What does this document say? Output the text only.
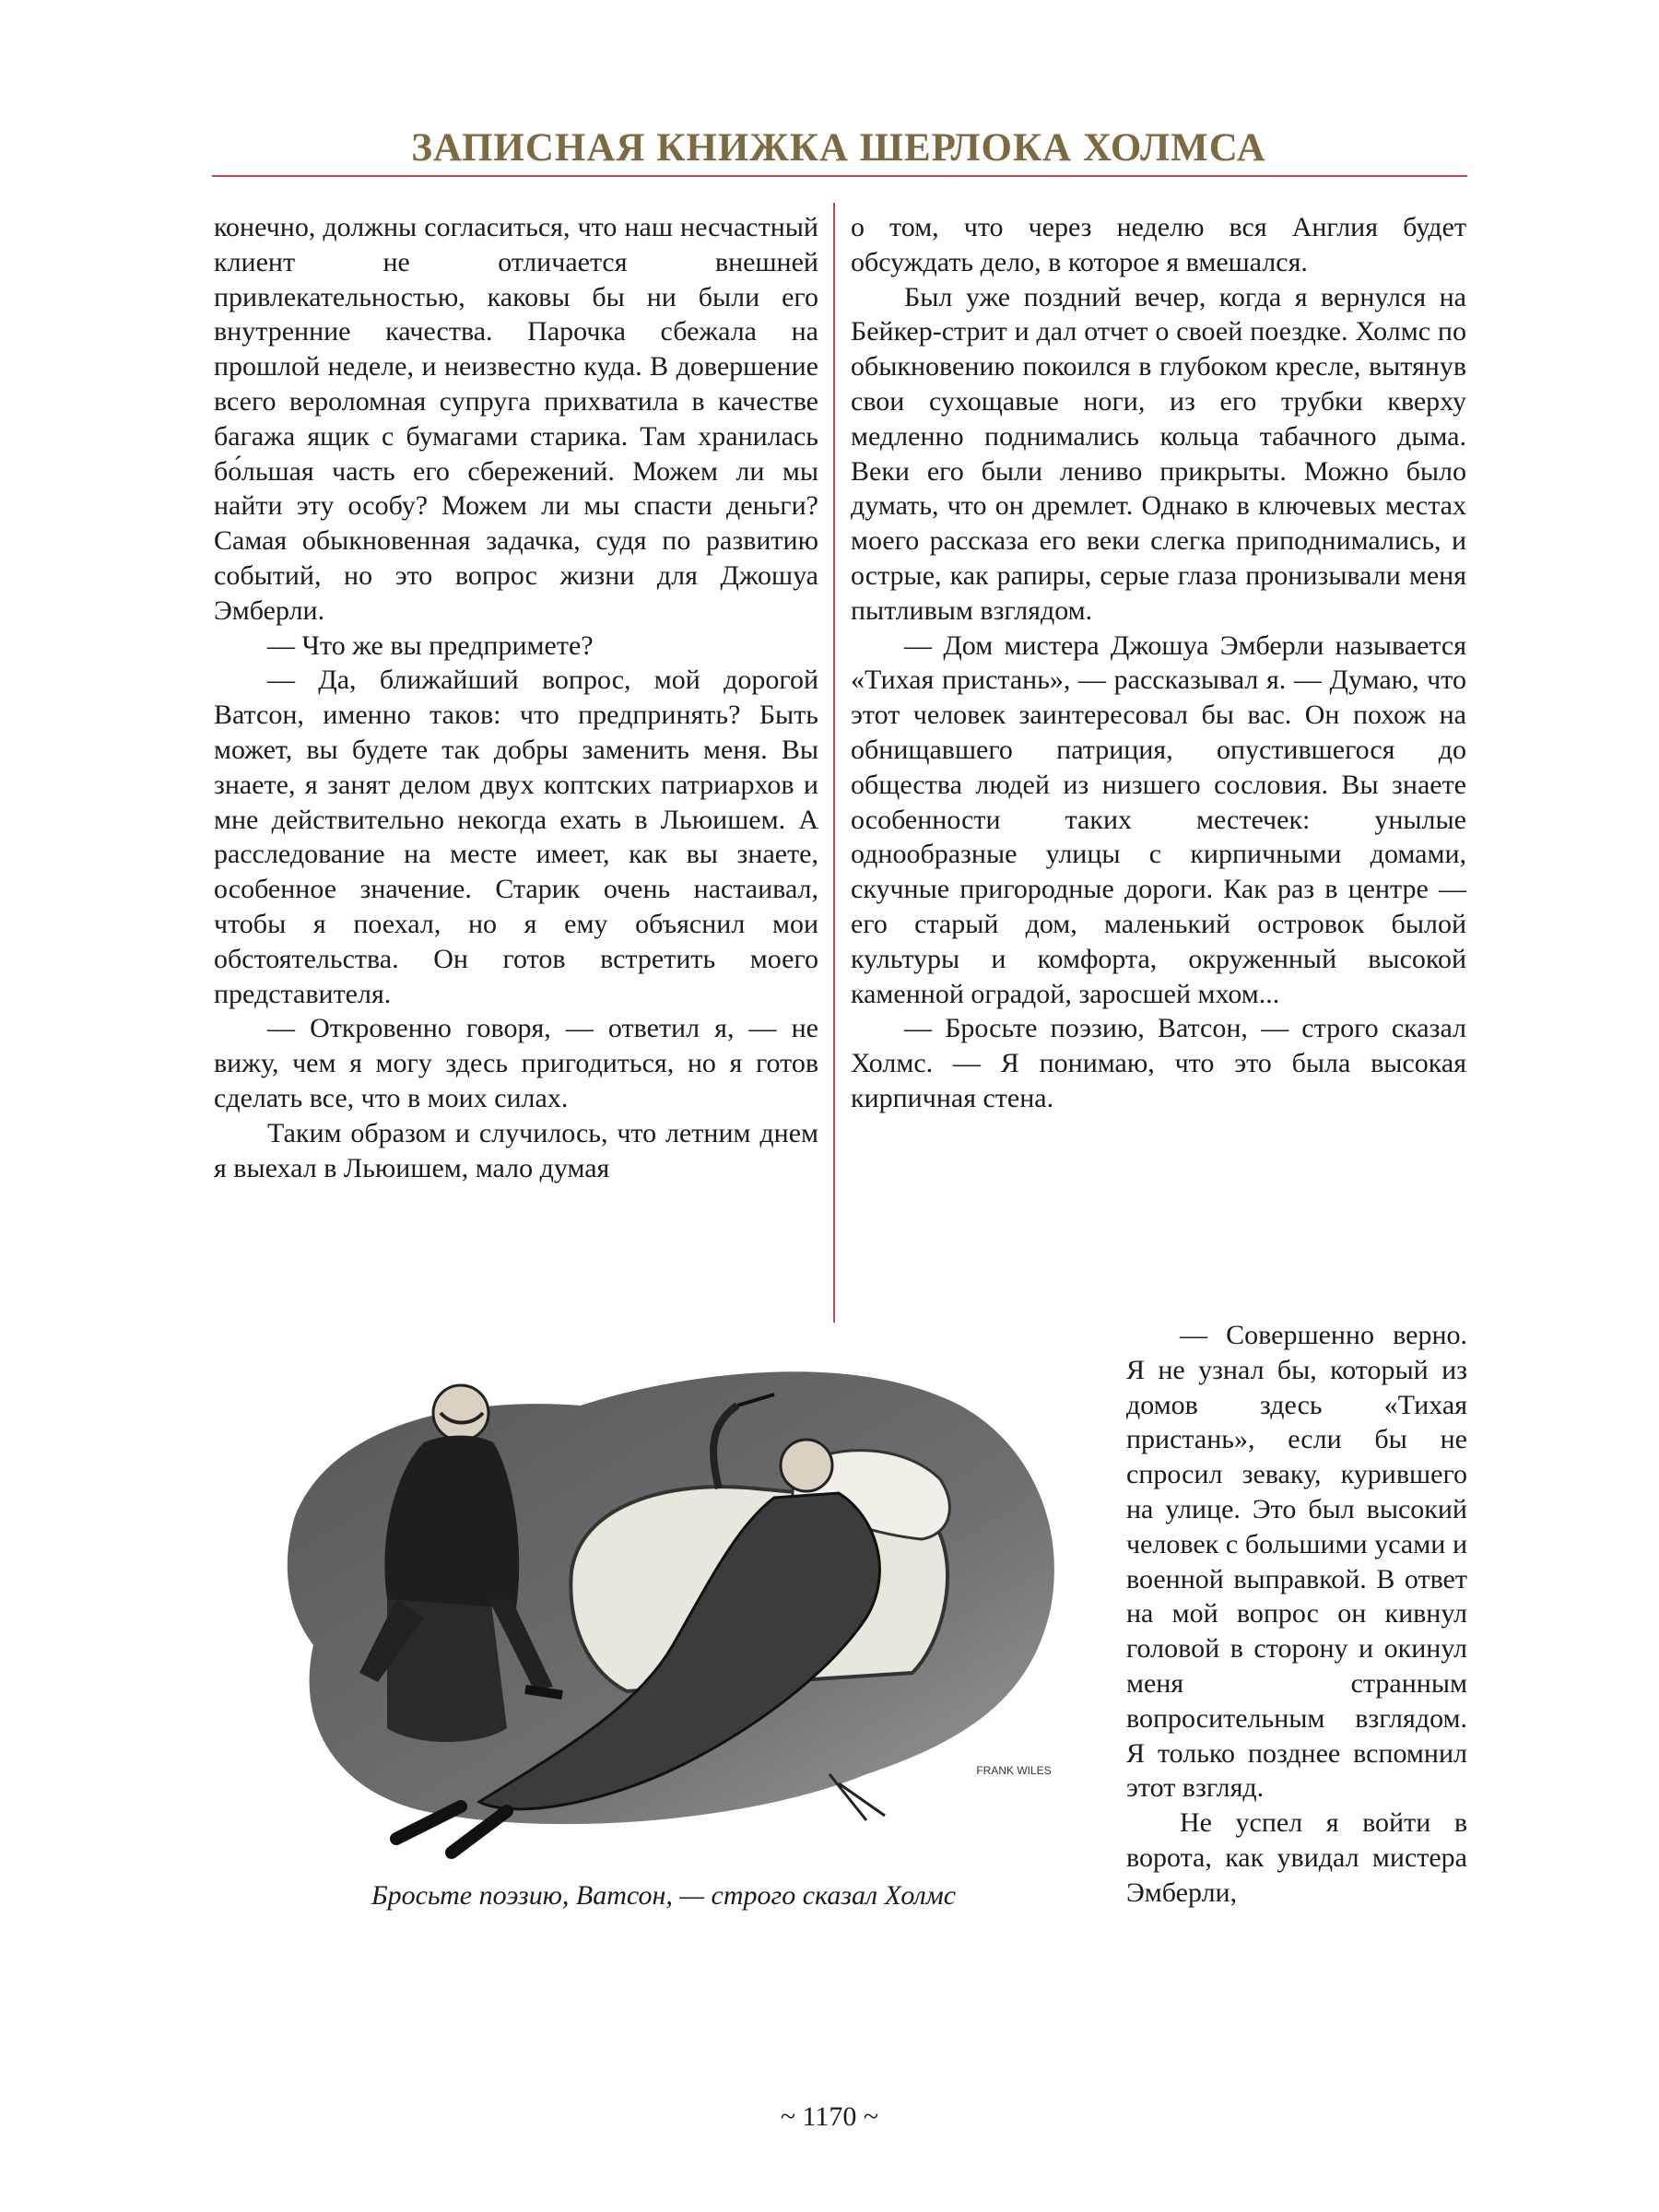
ЗАПИСНАЯ КНИЖКА ШЕРЛОКА ХОЛМСА

конечно, должны согласиться, что наш несчастный клиент не отличается внешней привлекательностью, каковы бы ни были его внутренние качества. Парочка сбежала на прошлой неделе, и неизвестно куда. В довершение всего вероломная супруга прихватила в качестве багажа ящик с бумагами старика. Там хранилась бо́льшая часть его сбережений. Можем ли мы найти эту особу? Можем ли мы спасти деньги? Самая обыкновенная задачка, судя по развитию событий, но это вопрос жизни для Джошуа Эмберли.

— Что же вы предпримете?

— Да, ближайший вопрос, мой дорогой Ватсон, именно таков: что предпринять? Быть может, вы будете так добры заменить меня. Вы знаете, я занят делом двух коптских патриархов и мне действительно некогда ехать в Льюишем. А расследование на месте имеет, как вы знаете, особенное значение. Старик очень настаивал, чтобы я поехал, но я ему объяснил мои обстоятельства. Он готов встретить моего представителя.

— Откровенно говоря, — ответил я, — не вижу, чем я могу здесь пригодиться, но я готов сделать все, что в моих силах.

Таким образом и случилось, что летним днем я выехал в Льюишем, мало думая

о том, что через неделю вся Англия будет обсуждать дело, в которое я вмешался.

Был уже поздний вечер, когда я вернулся на Бейкер-стрит и дал отчет о своей поездке. Холмс по обыкновению покоился в глубоком кресле, вытянув свои сухощавые ноги, из его трубки кверху медленно поднимались кольца табачного дыма. Веки его были лениво прикрыты. Можно было думать, что он дремлет. Однако в ключевых местах моего рассказа его веки слегка приподнимались, и острые, как рапиры, серые глаза пронизывали меня пытливым взглядом.

— Дом мистера Джошуа Эмберли называется «Тихая пристань», — рассказывал я. — Думаю, что этот человек заинтересовал бы вас. Он похож на обнищавшего патриция, опустившегося до общества людей из низшего сословия. Вы знаете особенности таких местечек: унылые однообразные улицы с кирпичными домами, скучные пригородные дороги. Как раз в центре — его старый дом, маленький островок былой культуры и комфорта, окруженный высокой каменной оградой, заросшей мхом...

— Бросьте поэзию, Ватсон, — строго сказал Холмс. — Я понимаю, что это была высокая кирпичная стена.

— Совершенно верно. Я не узнал бы, который из домов здесь «Тихая пристань», если бы не спросил зеваку, курившего на улице. Это был высокий человек с большими усами и военной выправкой. В ответ на мой вопрос он кивнул головой в сторону и окинул меня странным вопросительным взглядом. Я только позднее вспомнил этот взгляд.

Не успел я войти в ворота, как увидал мистера Эмберли,

FRANK WILES
Бросьте поэзию, Ватсон, — строго сказал Холмс
~ 1170 ~
